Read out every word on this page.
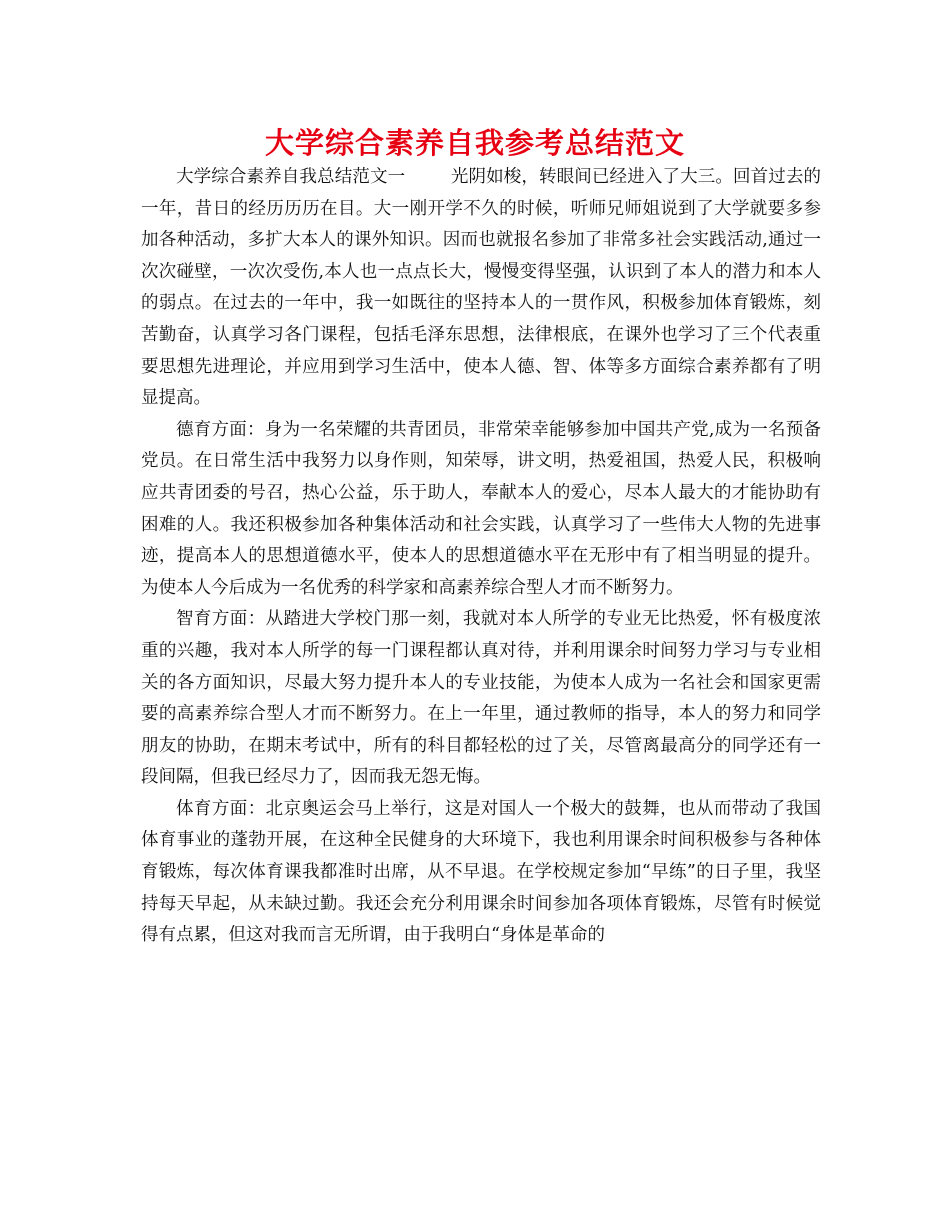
大学综合素养自我参考总结范文

大学综合素养自我总结范文一	光阴如梭，转眼间已经进入了大三。回首过去的一年，昔日的经历历历在目。大一刚开学不久的时候，听师兄师姐说到了大学就要多参加各种活动，多扩大本人的课外知识。因而也就报名参加了非常多社会实践活动,通过一次次碰壁，一次次受伤,本人也一点点长大，慢慢变得坚强，认识到了本人的潜力和本人的弱点。在过去的一年中，我一如既往的坚持本人的一贯作风，积极参加体育锻炼，刻苦勤奋，认真学习各门课程，包括毛泽东思想，法律根底，在课外也学习了三个代表重要思想先进理论，并应用到学习生活中，使本人德、智、体等多方面综合素养都有了明显提高。

德育方面：身为一名荣耀的共青团员，非常荣幸能够参加中国共产党,成为一名预备党员。在日常生活中我努力以身作则，知荣辱，讲文明，热爱祖国，热爱人民，积极响应共青团委的号召，热心公益，乐于助人，奉献本人的爱心，尽本人最大的才能协助有困难的人。我还积极参加各种集体活动和社会实践，认真学习了一些伟大人物的先进事迹，提高本人的思想道德水平，使本人的思想道德水平在无形中有了相当明显的提升。为使本人今后成为一名优秀的科学家和高素养综合型人才而不断努力。

智育方面：从踏进大学校门那一刻，我就对本人所学的专业无比热爱，怀有极度浓重的兴趣，我对本人所学的每一门课程都认真对待，并利用课余时间努力学习与专业相关的各方面知识，尽最大努力提升本人的专业技能，为使本人成为一名社会和国家更需要的高素养综合型人才而不断努力。在上一年里，通过教师的指导，本人的努力和同学朋友的协助，在期末考试中，所有的科目都轻松的过了关，尽管离最高分的同学还有一段间隔，但我已经尽力了，因而我无怨无悔。

体育方面：北京奥运会马上举行，这是对国人一个极大的鼓舞，也从而带动了我国体育事业的蓬勃开展，在这种全民健身的大环境下，我也利用课余时间积极参与各种体育锻炼，每次体育课我都准时出席，从不早退。在学校规定参加“早练”的日子里，我坚持每天早起，从未缺过勤。我还会充分利用课余时间参加各项体育锻炼，尽管有时候觉得有点累，但这对我而言无所谓，由于我明白“身体是革命的
